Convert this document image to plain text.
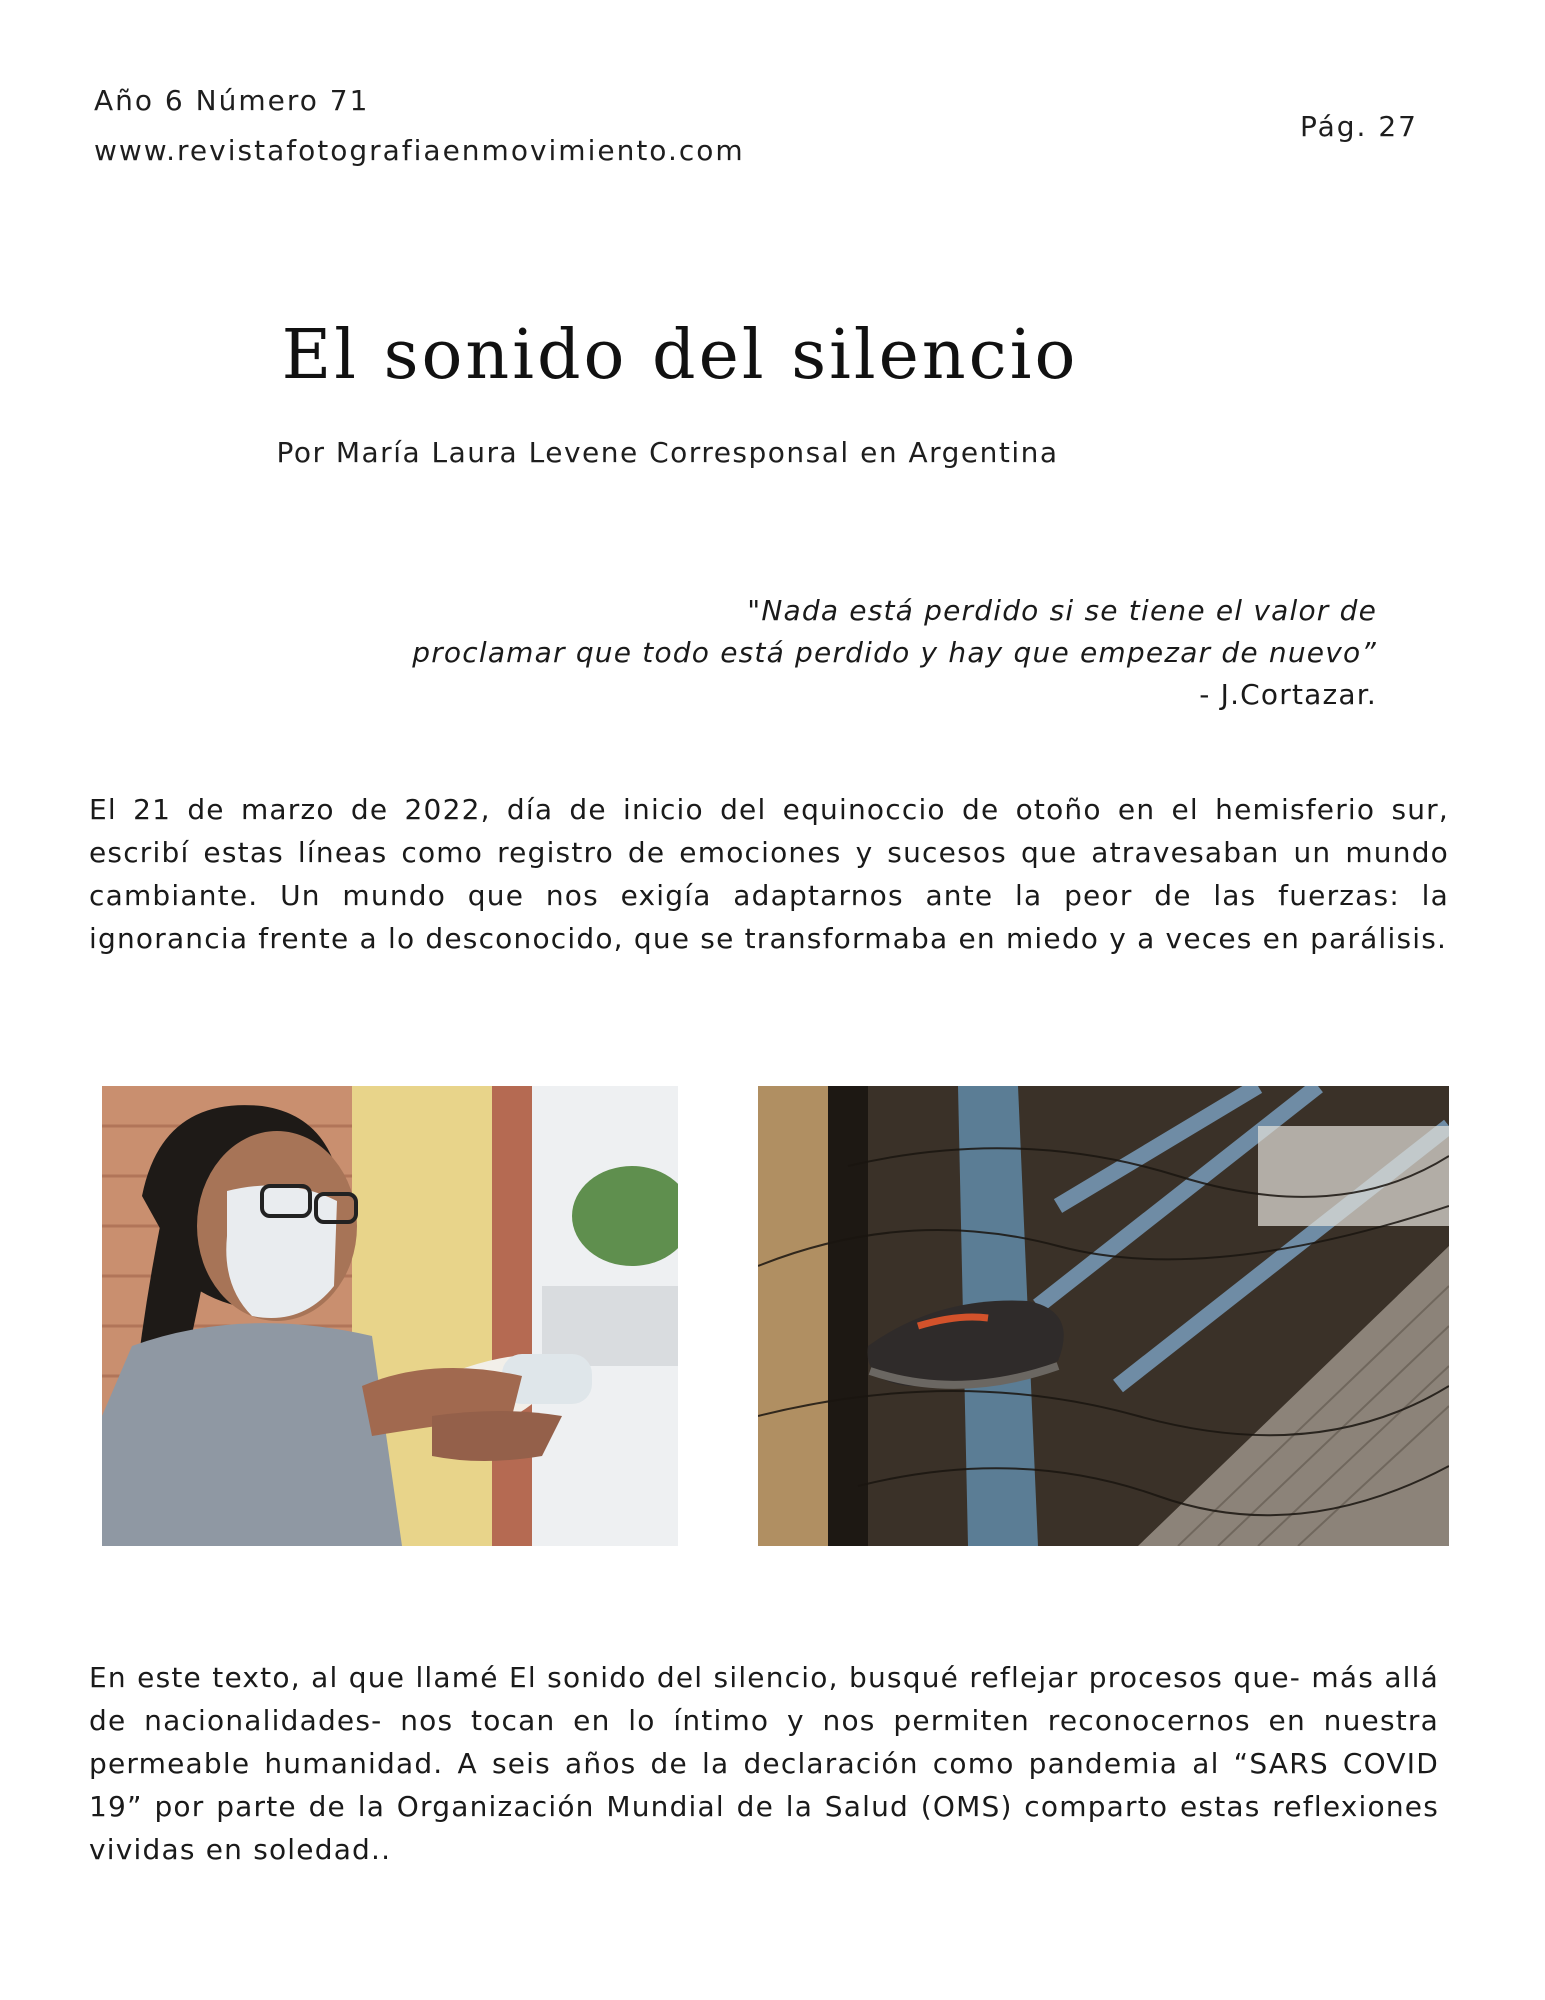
Año 6 Número 71
www.revistafotografiaenmovimiento.com
Pág. 27
El sonido del silencio
Por María Laura Levene Corresponsal en Argentina
"Nada está perdido si se tiene el valor de
proclamar que todo está perdido y hay que empezar de nuevo”
- J.Cortazar.
El 21 de marzo de 2022, día de inicio del equinoccio de otoño en el hemisferio sur, escribí estas líneas como registro de emociones y sucesos que atravesaban un mundo cambiante. Un mundo que nos exigía adaptarnos ante la peor de las fuerzas: la ignorancia frente a lo desconocido, que se transformaba en miedo y a veces en parálisis.
En este texto, al que llamé El sonido del silencio, busqué reflejar procesos que- más allá de nacionalidades- nos tocan en lo íntimo y nos permiten reconocernos en nuestra permeable humanidad. A seis años de la declaración como pandemia al “SARS COVID 19” por parte de la Organización Mundial de la Salud (OMS) comparto estas reflexiones vividas en soledad..
